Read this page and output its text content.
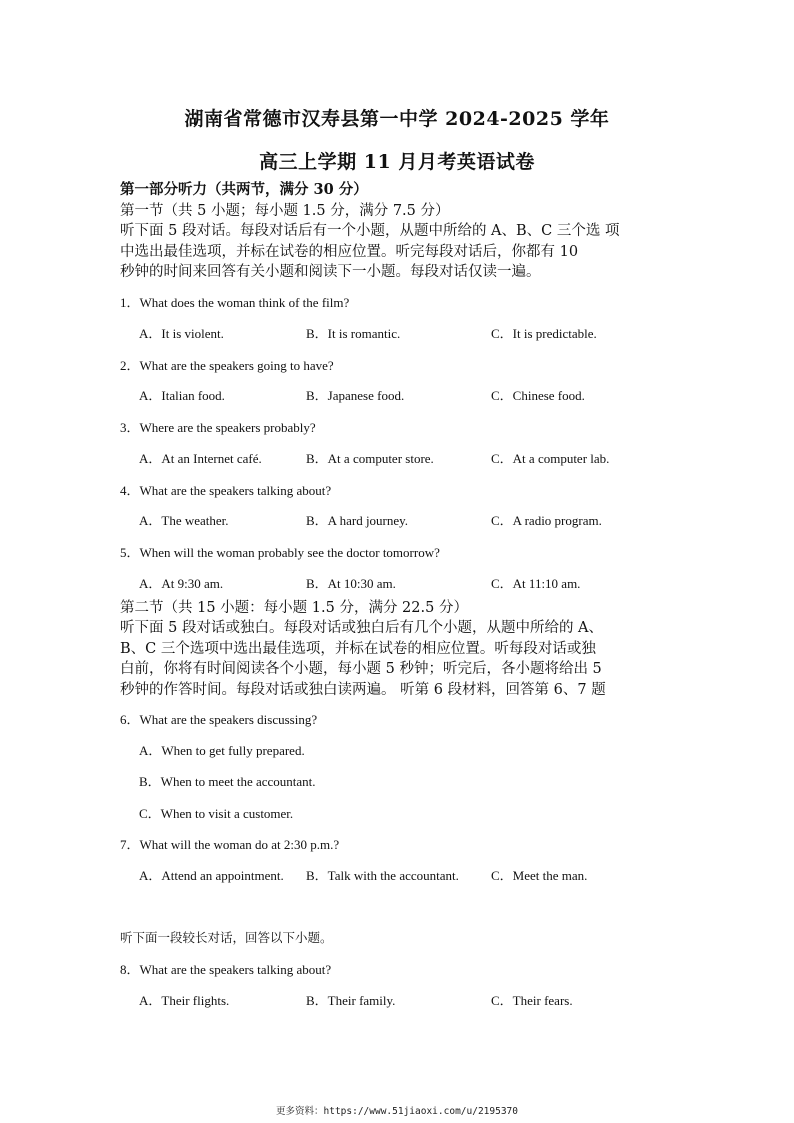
湖南省常德市汉寿县第一中学 2024-2025 学年
高三上学期 11 月月考英语试卷
第一部分听力（共两节，满分 30 分）
第一节（共 5 小题；每小题 1.5 分，满分 7.5 分）

听下面 5 段对话。每段对话后有一个小题，从题中所给的 A、B、C 三个选 项

中选出最佳选项，并标在试卷的相应位置。听完每段对话后，你都有 10

秒钟的时间来回答有关小题和阅读下一小题。每段对话仅读一遍。

1．What does the woman think of the film?
A．It is violent.	B．It is romantic.	C．It is predictable.
2．What are the speakers going to have?
A．Italian food.	B．Japanese food.	C．Chinese food.
3．Where are the speakers probably?
A．At an Internet café.	B．At a computer store.	C．At a computer lab.
4．What are the speakers talking about?
A．The weather.	B．A hard journey.	C．A radio program.
5．When will the woman probably see the doctor tomorrow?
A．At 9:30 am.	B．At 10:30 am.	C．At 11:10 am.
第二节（共 15 小题：每小题 1.5 分，满分 22.5 分）

听下面 5 段对话或独白。每段对话或独白后有几个小题，从题中所给的 A、

B、C 三个选项中选出最佳选项，并标在试卷的相应位置。听每段对话或独

白前，你将有时间阅读各个小题，每小题 5 秒钟；听完后，各小题将给出 5

秒钟的作答时间。每段对话或独白读两遍。 听第 6 段材料，回答第 6、7 题

6．What are the speakers discussing?
A．When to get fully prepared.
B．When to meet the accountant.
C．When to visit a customer.
7．What will the woman do at 2:30 p.m.?
A．Attend an appointment. B．Talk with the accountant. C．Meet the man.
听下面一段较长对话，回答以下小题。
8．What are the speakers talking about?
A．Their flights.	B．Their family.	C．Their fears.
更多资料：https://www.51jiaoxi.com/u/2195370
